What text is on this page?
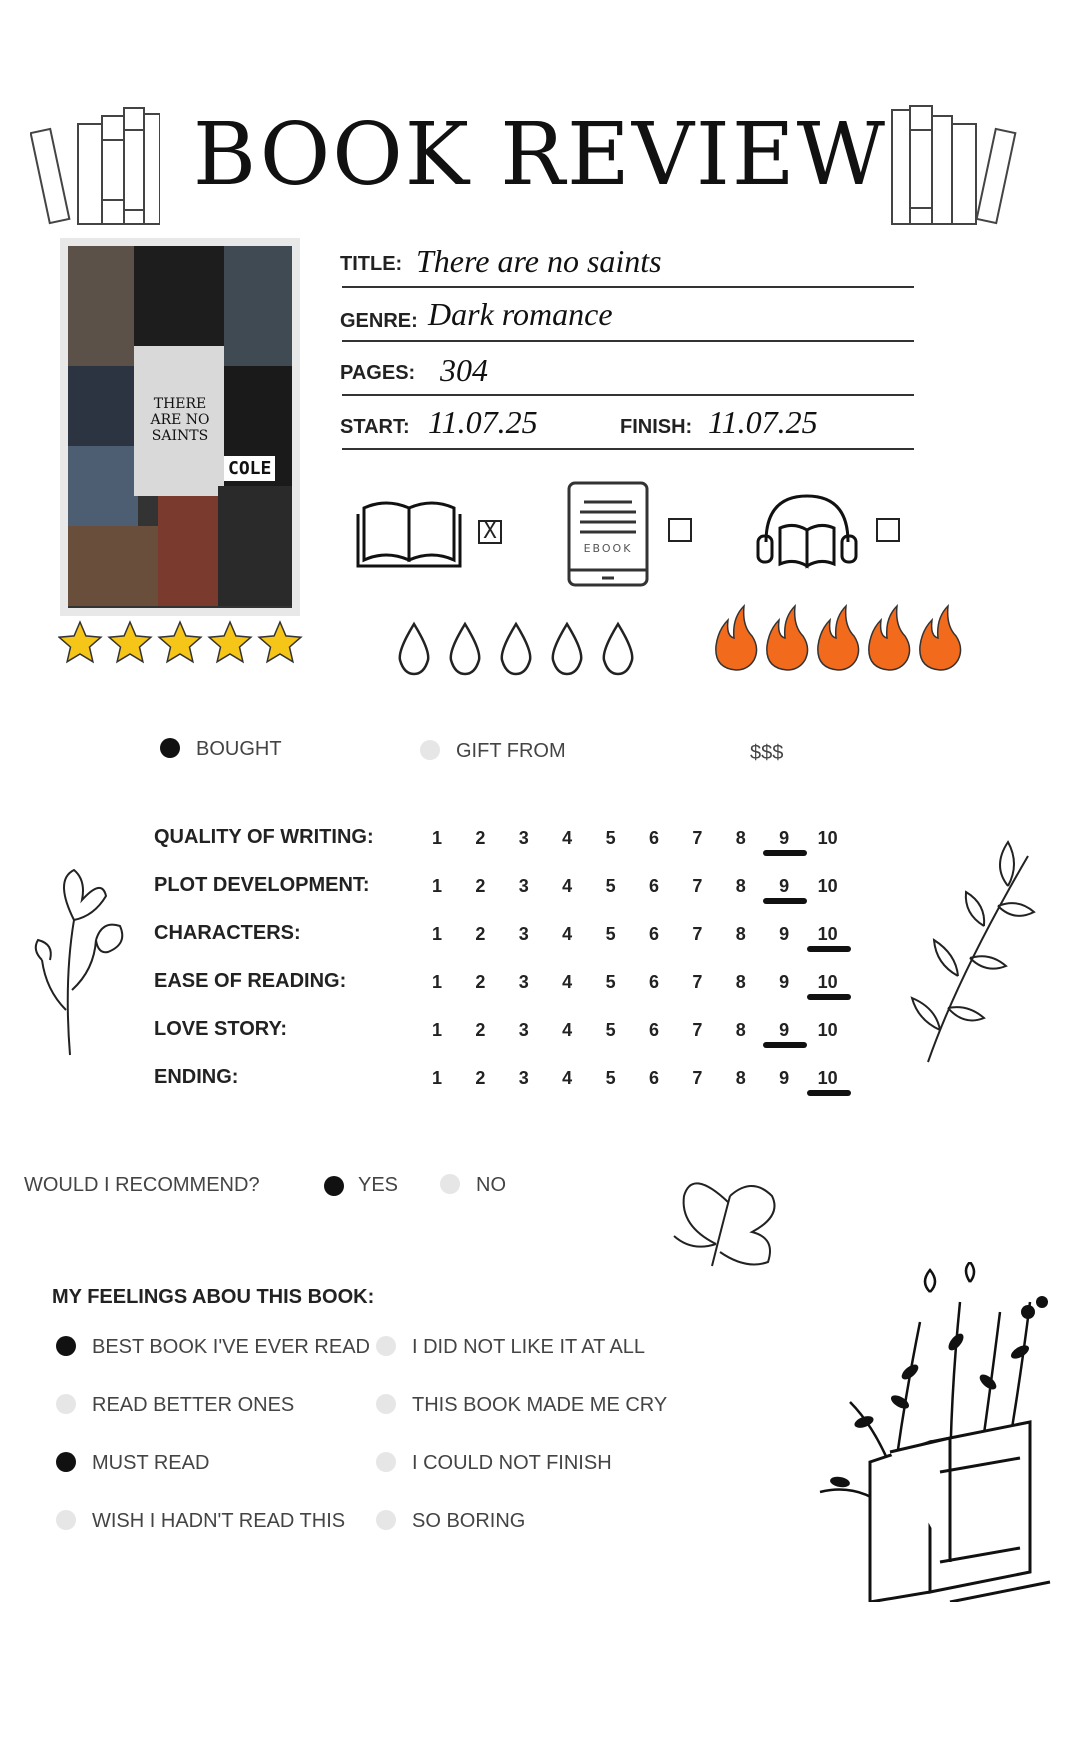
BOOK REVIEW
THERE ARE NO SAINTS
COLE
TITLE: There are no saints
GENRE: Dark romance
PAGES: 304
START: 11.07.25	FINISH: 11.07.25
X
EBOOK
BOUGHT	GIFT FROM	$$$
QUALITY OF WRITING:	1	2	3	4	5	6	7	8	9	10
PLOT DEVELOPMENT:	1	2	3	4	5	6	7	8	9	10
CHARACTERS:	1	2	3	4	5	6	7	8	9	10
EASE OF READING:	1	2	3	4	5	6	7	8	9	10
LOVE STORY:	1	2	3	4	5	6	7	8	9	10
ENDING:	1	2	3	4	5	6	7	8	9	10
WOULD I RECOMMEND?	YES	NO
MY FEELINGS ABOU THIS BOOK:
BEST BOOK I'VE EVER READ
READ BETTER ONES
MUST READ
WISH I HADN'T READ THIS
I DID NOT LIKE IT AT ALL
THIS BOOK MADE ME CRY
I COULD NOT FINISH
SO BORING
